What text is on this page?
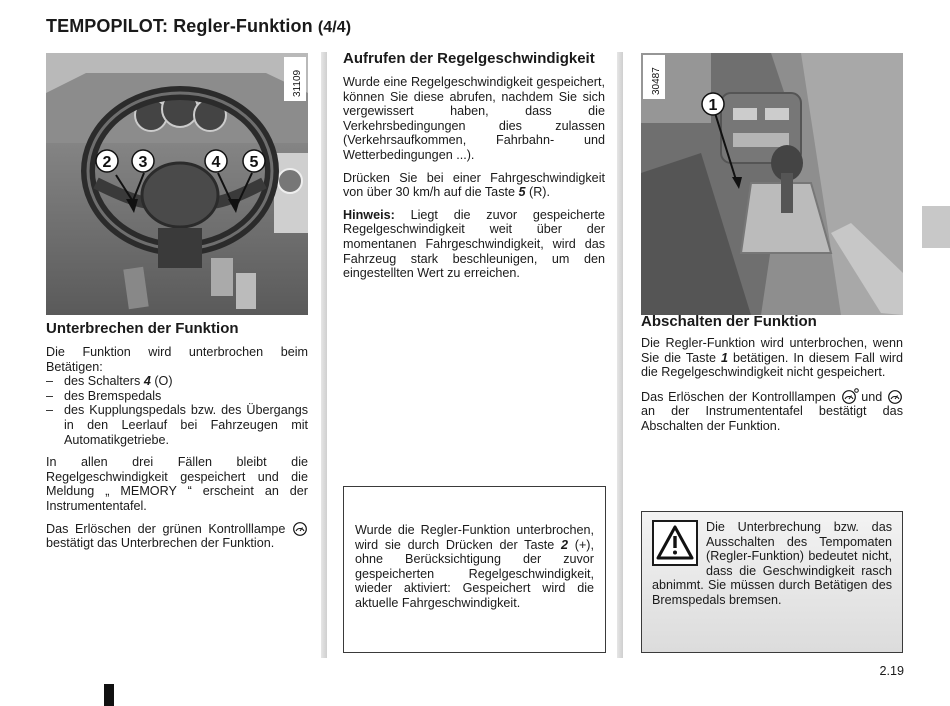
TEMPOPILOT: Regler-Funktion (4/4)
2 3	4 5
31109
Unterbrechen der Funktion
Die Funktion wird unterbrochen beim Betätigen:
– des Schalters 4 (O)
– des Bremspedals
– des Kupplungspedals bzw. des Übergangs in den Leerlauf bei Fahrzeugen mit Automatikgetriebe.

In allen drei Fällen bleibt die Regelgeschwindigkeit gespeichert und die Meldung „ MEMORY “ erscheint an der Instrumententafel.

Das Erlöschen der grünen Kontrolllampe  bestätigt das Unterbrechen der Funktion.

Aufrufen der Regelgeschwindigkeit

Wurde eine Regelgeschwindigkeit gespeichert, können Sie diese abrufen, nachdem Sie sich vergewissert haben, dass die Verkehrsbedingungen dies zulassen (Verkehrsaufkommen, Fahrbahn- und Wetterbedingungen ...).

Drücken Sie bei einer Fahrgeschwindigkeit von über 30 km/h auf die Taste 5 (R).

Hinweis: Liegt die zuvor gespeicherte Regelgeschwindigkeit weit über der momentanen Fahrgeschwindigkeit, wird das Fahrzeug stark beschleunigen, um den eingestellten Wert zu erreichen.

Wurde die Regler-Funktion unterbrochen, wird sie durch Drücken der Taste 2 (+), ohne Berücksichtigung der zuvor gespeicherten Regelgeschwindigkeit, wieder aktiviert: Gespeichert wird die aktuelle Fahrgeschwindigkeit.
1
30487
Abschalten der Funktion

Die Regler-Funktion wird unterbrochen, wenn Sie die Taste 1 betätigen. In diesem Fall wird die Regelgeschwindigkeit nicht gespeichert.

Das Erlöschen der Kontrolllampen und  an der Instrumententafel bestätigt das Abschalten der Funktion.

Die Unterbrechung bzw. das Ausschalten des Tempomaten (Regler-Funktion) bedeutet nicht, dass die Geschwindigkeit rasch abnimmt. Sie müssen durch Betätigen des Bremspedals bremsen.
2.19
